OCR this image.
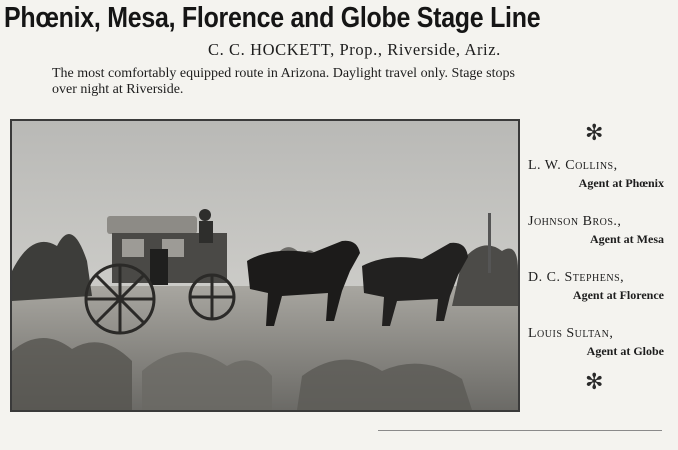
Phœnix, Mesa, Florence and Globe Stage Line
C. C. HOCKETT, Prop., Riverside, Ariz.
The most comfortably equipped route in Arizona. Daylight travel only. Stage stops over night at Riverside.
✻
L. W. Collins,
Agent at Phœnix
Johnson Bros.,
Agent at Mesa
D. C. Stephens,
Agent at Florence
Louis Sultan,
Agent at Globe
✻
